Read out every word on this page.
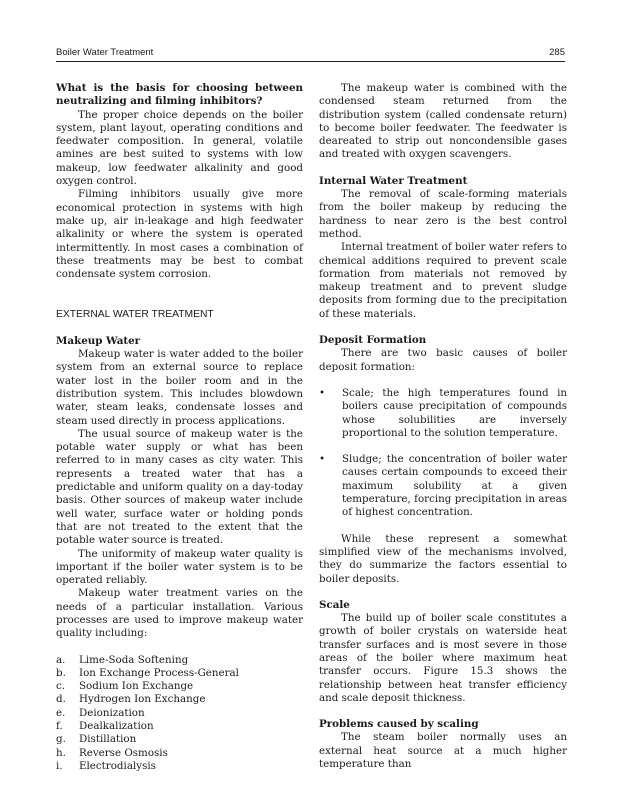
Boiler Water Treatment	285

What is the basis for choosing between neutralizing and filming inhibitors?

The proper choice depends on the boiler system, plant layout, operating conditions and feedwater composition. In general, volatile amines are best suited to systems with low makeup, low feedwater alkalinity and good oxygen control.

Filming inhibitors usually give more economical protection in systems with high make up, air in-leakage and high feedwater alkalinity or where the system is operated intermittently. In most cases a combination of these treatments may be best to combat condensate system corrosion.

EXTERNAL WATER TREATMENT

Makeup Water

Makeup water is water added to the boiler system from an external source to replace water lost in the boiler room and in the distribution system. This includes blowdown water, steam leaks, condensate losses and steam used directly in process applications.

The usual source of makeup water is the potable water supply or what has been referred to in many cases as city water. This represents a treated water that has a predictable and uniform quality on a day-today basis. Other sources of makeup water include well water, surface water or holding ponds that are not treated to the extent that the potable water source is treated.

The uniformity of makeup water quality is important if the boiler water system is to be operated reliably.

Makeup water treatment varies on the needs of a particular installation. Various processes are used to improve makeup water quality including:

a.	Lime-Soda Softening
b.	Ion Exchange Process-General
c.	Sodium Ion Exchange
d.	Hydrogen Ion Exchange
e.	Deionization
f.	Dealkalization
g.	Distillation
h.	Reverse Osmosis
i.	Electrodialysis

The makeup water is combined with the condensed steam returned from the distribution system (called condensate return) to become boiler feedwater. The feedwater is deareated to strip out noncondensible gases and treated with oxygen scavengers.

Internal Water Treatment

The removal of scale-forming materials from the boiler makeup by reducing the hardness to near zero is the best control method.

Internal treatment of boiler water refers to chemical additions required to prevent scale formation from materials not removed by makeup treatment and to prevent sludge deposits from forming due to the precipitation of these materials.

Deposit Formation

There are two basic causes of boiler deposit formation:

•	Scale; the high temperatures found in boilers cause precipitation of compounds whose solubilities are inversely proportional to the solution temperature.
•	Sludge; the concentration of boiler water causes certain compounds to exceed their maximum solubility at a given temperature, forcing precipitation in areas of highest concentration.

While these represent a somewhat simplified view of the mechanisms involved, they do summarize the factors essential to boiler deposits.

Scale

The build up of boiler scale constitutes a growth of boiler crystals on waterside heat transfer surfaces and is most severe in those areas of the boiler where maximum heat transfer occurs. Figure 15.3 shows the relationship between heat transfer efficiency and scale deposit thickness.

Problems caused by scaling

The steam boiler normally uses an external heat source at a much higher temperature than
